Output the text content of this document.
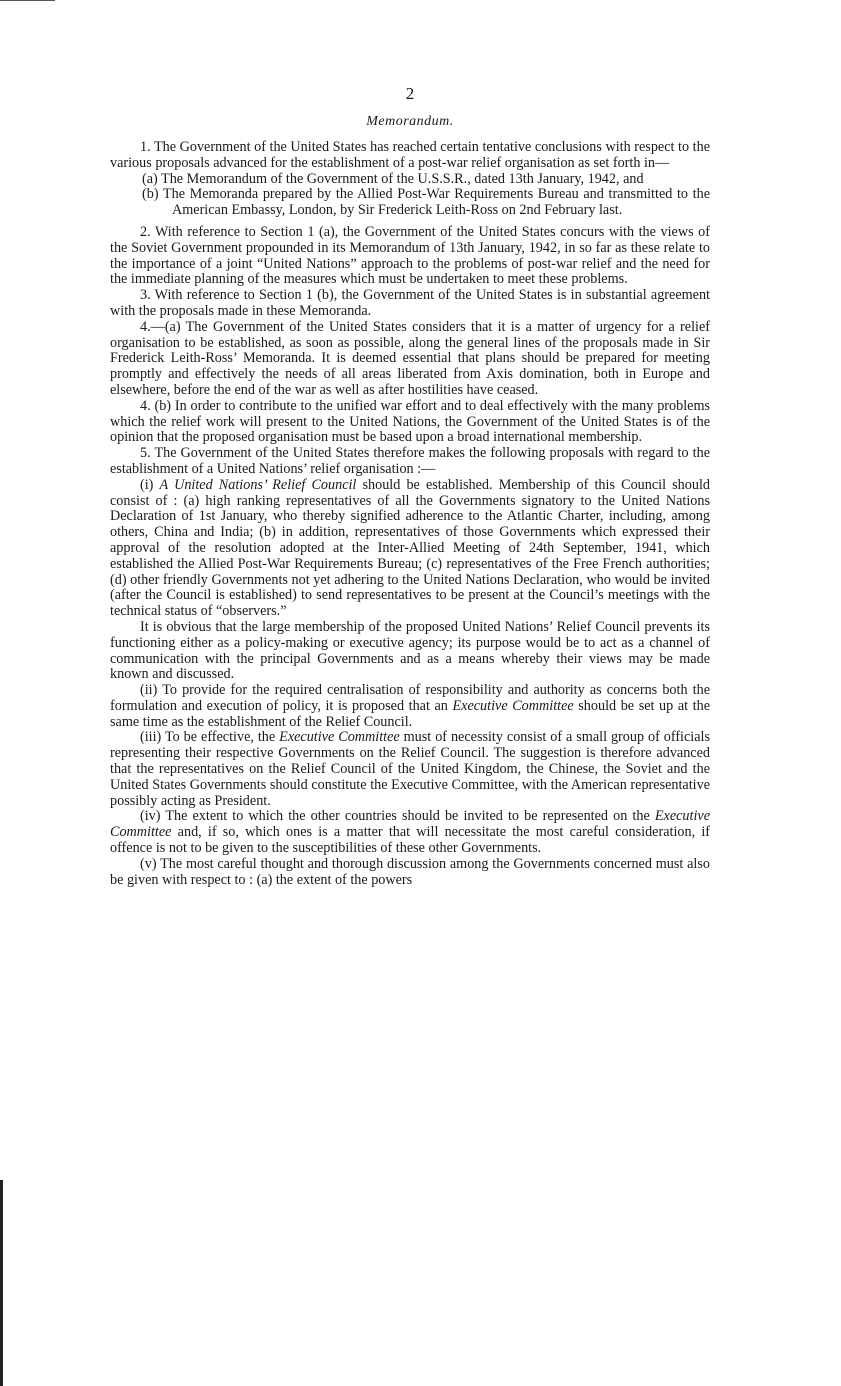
2
Memorandum.

1. The Government of the United States has reached certain tentative conclusions with respect to the various proposals advanced for the establishment of a post-war relief organisation as set forth in—

(a) The Memorandum of the Government of the U.S.S.R., dated 13th January, 1942, and

(b) The Memoranda prepared by the Allied Post-War Requirements Bureau and transmitted to the American Embassy, London, by Sir Frederick Leith-Ross on 2nd February last.

2. With reference to Section 1 (a), the Government of the United States concurs with the views of the Soviet Government propounded in its Memorandum of 13th January, 1942, in so far as these relate to the importance of a joint “United Nations” approach to the problems of post-war relief and the need for the immediate planning of the measures which must be undertaken to meet these problems.

3. With reference to Section 1 (b), the Government of the United States is in substantial agreement with the proposals made in these Memoranda.

4.—(a) The Government of the United States considers that it is a matter of urgency for a relief organisation to be established, as soon as possible, along the general lines of the proposals made in Sir Frederick Leith-Ross’ Memoranda. It is deemed essential that plans should be prepared for meeting promptly and effectively the needs of all areas liberated from Axis domination, both in Europe and elsewhere, before the end of the war as well as after hostilities have ceased.

4. (b) In order to contribute to the unified war effort and to deal effectively with the many problems which the relief work will present to the United Nations, the Government of the United States is of the opinion that the proposed organisation must be based upon a broad international membership.

5. The Government of the United States therefore makes the following proposals with regard to the establishment of a United Nations’ relief organisation :—

(i) A United Nations’ Relief Council should be established. Membership of this Council should consist of : (a) high ranking representatives of all the Governments signatory to the United Nations Declaration of 1st January, who thereby signified adherence to the Atlantic Charter, including, among others, China and India; (b) in addition, representatives of those Governments which expressed their approval of the resolution adopted at the Inter-Allied Meeting of 24th September, 1941, which established the Allied Post-War Requirements Bureau; (c) representatives of the Free French authorities; (d) other friendly Governments not yet adhering to the United Nations Declaration, who would be invited (after the Council is established) to send representatives to be present at the Council’s meetings with the technical status of “observers.”

It is obvious that the large membership of the proposed United Nations’ Relief Council prevents its functioning either as a policy-making or executive agency; its purpose would be to act as a channel of communication with the principal Governments and as a means whereby their views may be made known and discussed.

(ii) To provide for the required centralisation of responsibility and authority as concerns both the formulation and execution of policy, it is proposed that an Executive Committee should be set up at the same time as the establishment of the Relief Council.

(iii) To be effective, the Executive Committee must of necessity consist of a small group of officials representing their respective Governments on the Relief Council. The suggestion is therefore advanced that the representatives on the Relief Council of the United Kingdom, the Chinese, the Soviet and the United States Governments should constitute the Executive Committee, with the American representative possibly acting as President.

(iv) The extent to which the other countries should be invited to be represented on the Executive Committee and, if so, which ones is a matter that will necessitate the most careful consideration, if offence is not to be given to the susceptibilities of these other Governments.

(v) The most careful thought and thorough discussion among the Governments concerned must also be given with respect to : (a) the extent of the powers
